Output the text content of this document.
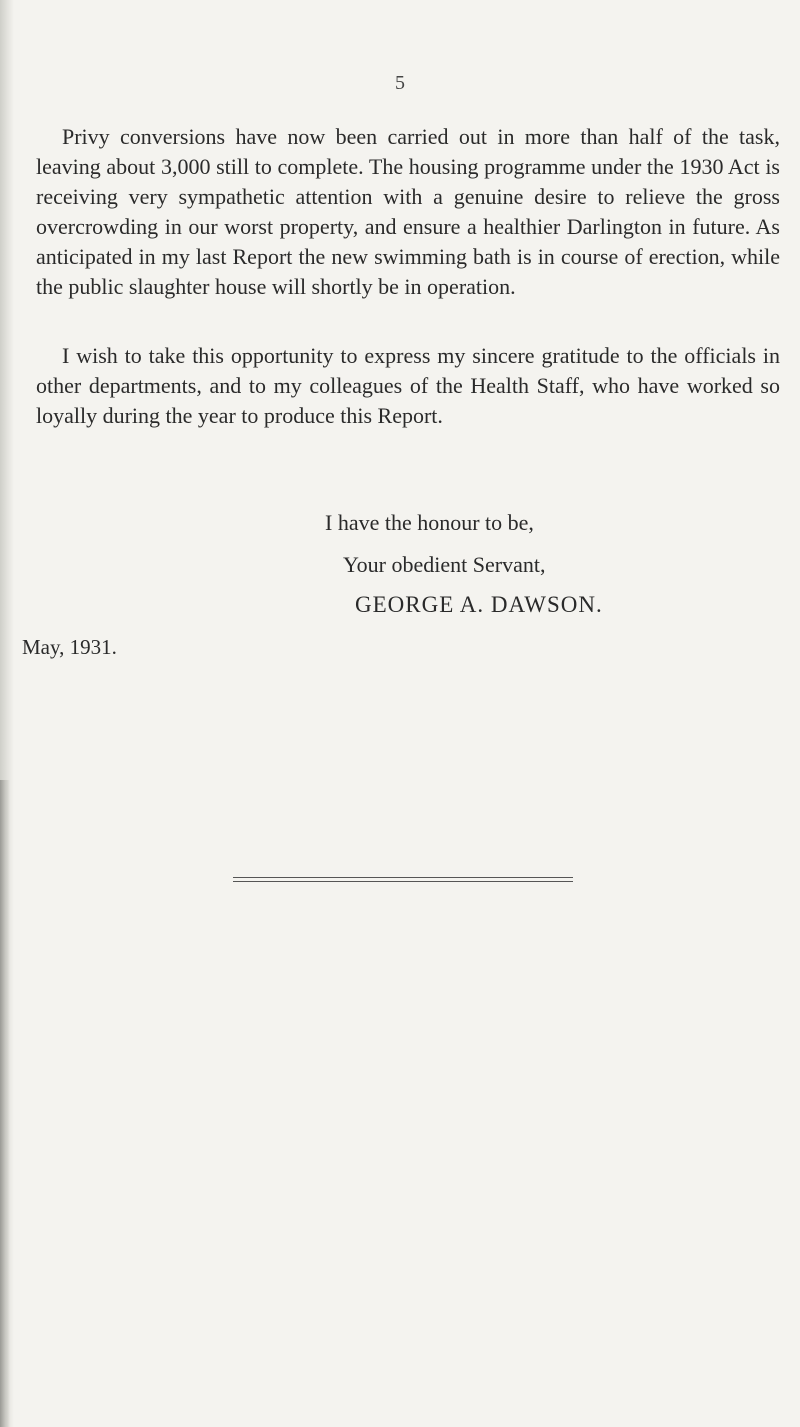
5

Privy conversions have now been carried out in more than half of the task, leaving about 3,000 still to complete. The housing programme under the 1930 Act is receiving very sympathetic attention with a genuine desire to relieve the gross overcrowding in our worst property, and ensure a healthier Darlington in future. As anticipated in my last Report the new swimming bath is in course of erection, while the public slaughter house will shortly be in operation.

I wish to take this opportunity to express my sincere gratitude to the officials in other departments, and to my colleagues of the Health Staff, who have worked so loyally during the year to produce this Report.

I have the honour to be,
Your obedient Servant,
GEORGE A. DAWSON.
May, 1931.
